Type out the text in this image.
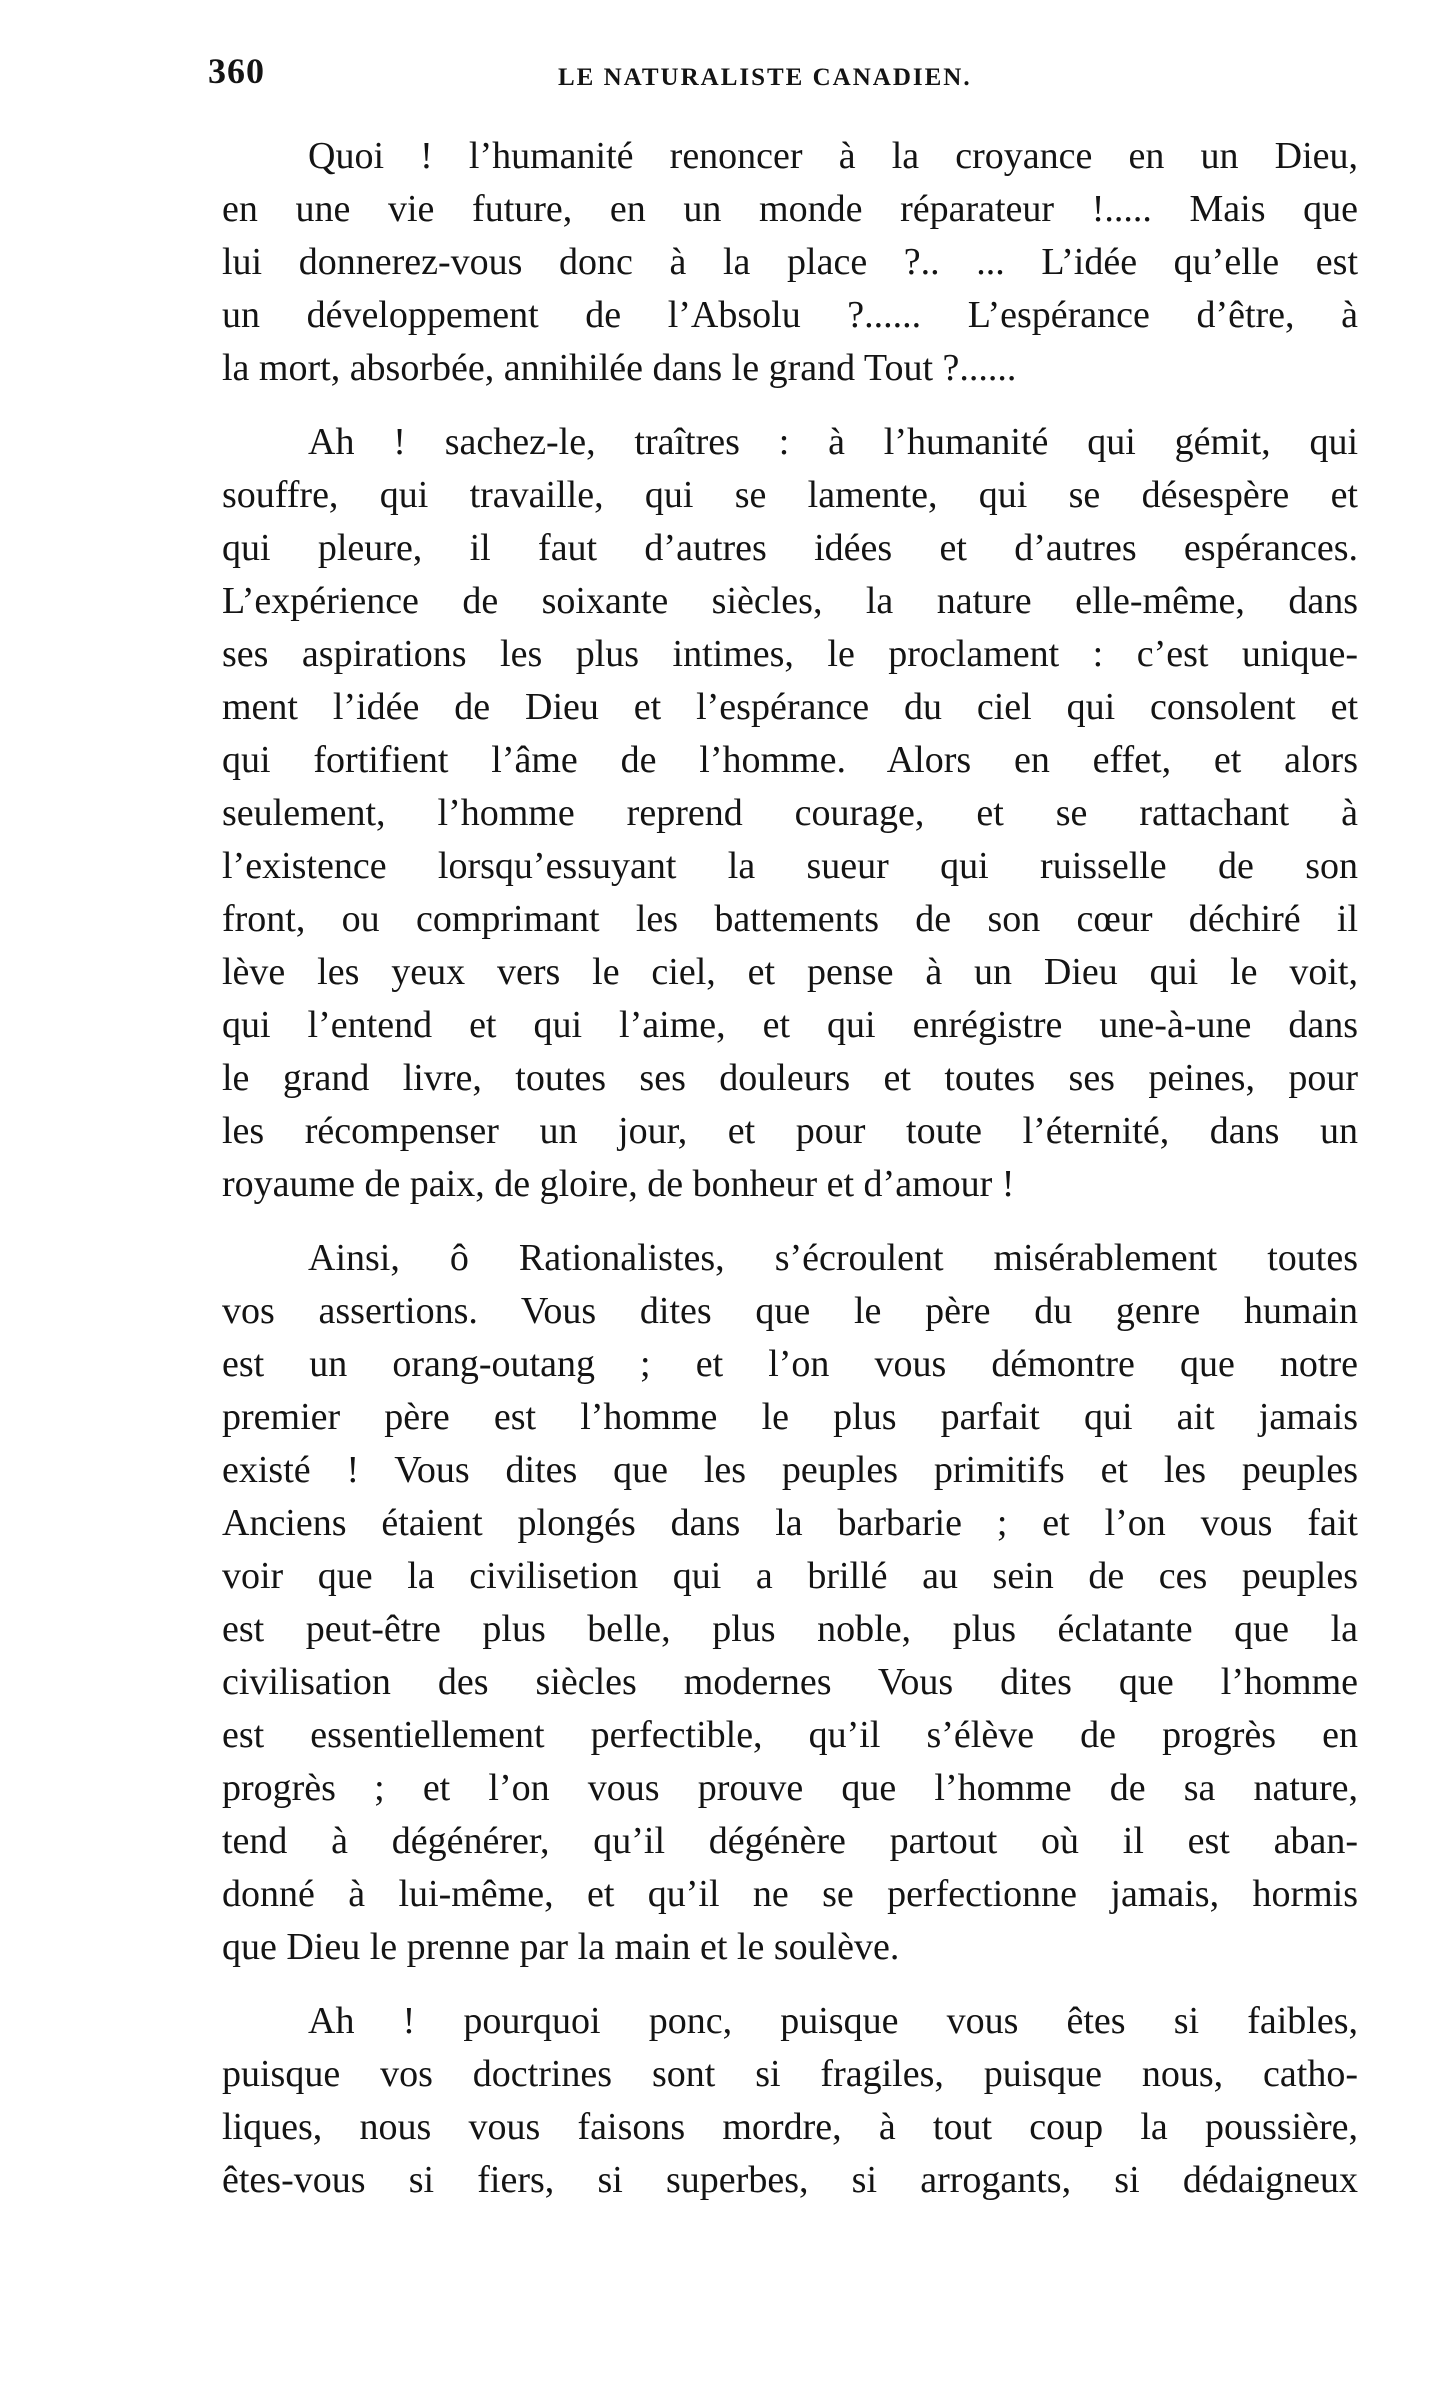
360	LE NATURALISTE CANADIEN.
Quoi ! l’humanité renoncer à la croyance en un Dieu,
en une vie future, en un monde réparateur !..... Mais que
lui donnerez-vous donc à la place ?.. ... L’idée qu’elle est
un développement de l’Absolu ?...... L’espérance d’être, à
la mort, absorbée, annihilée dans le grand Tout ?......
Ah ! sachez-le, traîtres : à l’humanité qui gémit, qui
souffre, qui travaille, qui se lamente, qui se désespère et
qui pleure, il faut d’autres idées et d’autres espérances.
L’expérience de soixante siècles, la nature elle-même, dans
ses aspirations les plus intimes, le proclament : c’est unique-
ment l’idée de Dieu et l’espérance du ciel qui consolent et
qui fortifient l’âme de l’homme. Alors en effet, et alors
seulement, l’homme reprend courage, et se rattachant à
l’existence lorsqu’essuyant la sueur qui ruisselle de son
front, ou comprimant les battements de son cœur déchiré il
lève les yeux vers le ciel, et pense à un Dieu qui le voit,
qui l’entend et qui l’aime, et qui enrégistre une-à-une dans
le grand livre, toutes ses douleurs et toutes ses peines, pour
les récompenser un jour, et pour toute l’éternité, dans un
royaume de paix, de gloire, de bonheur et d’amour !
Ainsi, ô Rationalistes, s’écroulent misérablement toutes
vos assertions. Vous dites que le père du genre humain
est un orang-outang ; et l’on vous démontre que notre
premier père est l’homme le plus parfait qui ait jamais
existé ! Vous dites que les peuples primitifs et les peuples
Anciens étaient plongés dans la barbarie ; et l’on vous fait
voir que la civilisetion qui a brillé au sein de ces peuples
est peut-être plus belle, plus noble, plus éclatante que la
civilisation des siècles modernes Vous dites que l’homme
est essentiellement perfectible, qu’il s’élève de progrès en
progrès ; et l’on vous prouve que l’homme de sa nature,
tend à dégénérer, qu’il dégénère partout où il est aban-
donné à lui-même, et qu’il ne se perfectionne jamais, hormis
que Dieu le prenne par la main et le soulève.
Ah ! pourquoi ponc, puisque vous êtes si faibles,
puisque vos doctrines sont si fragiles, puisque nous, catho-
liques, nous vous faisons mordre, à tout coup la poussière,
êtes-vous si fiers, si superbes, si arrogants, si dédaigneux
